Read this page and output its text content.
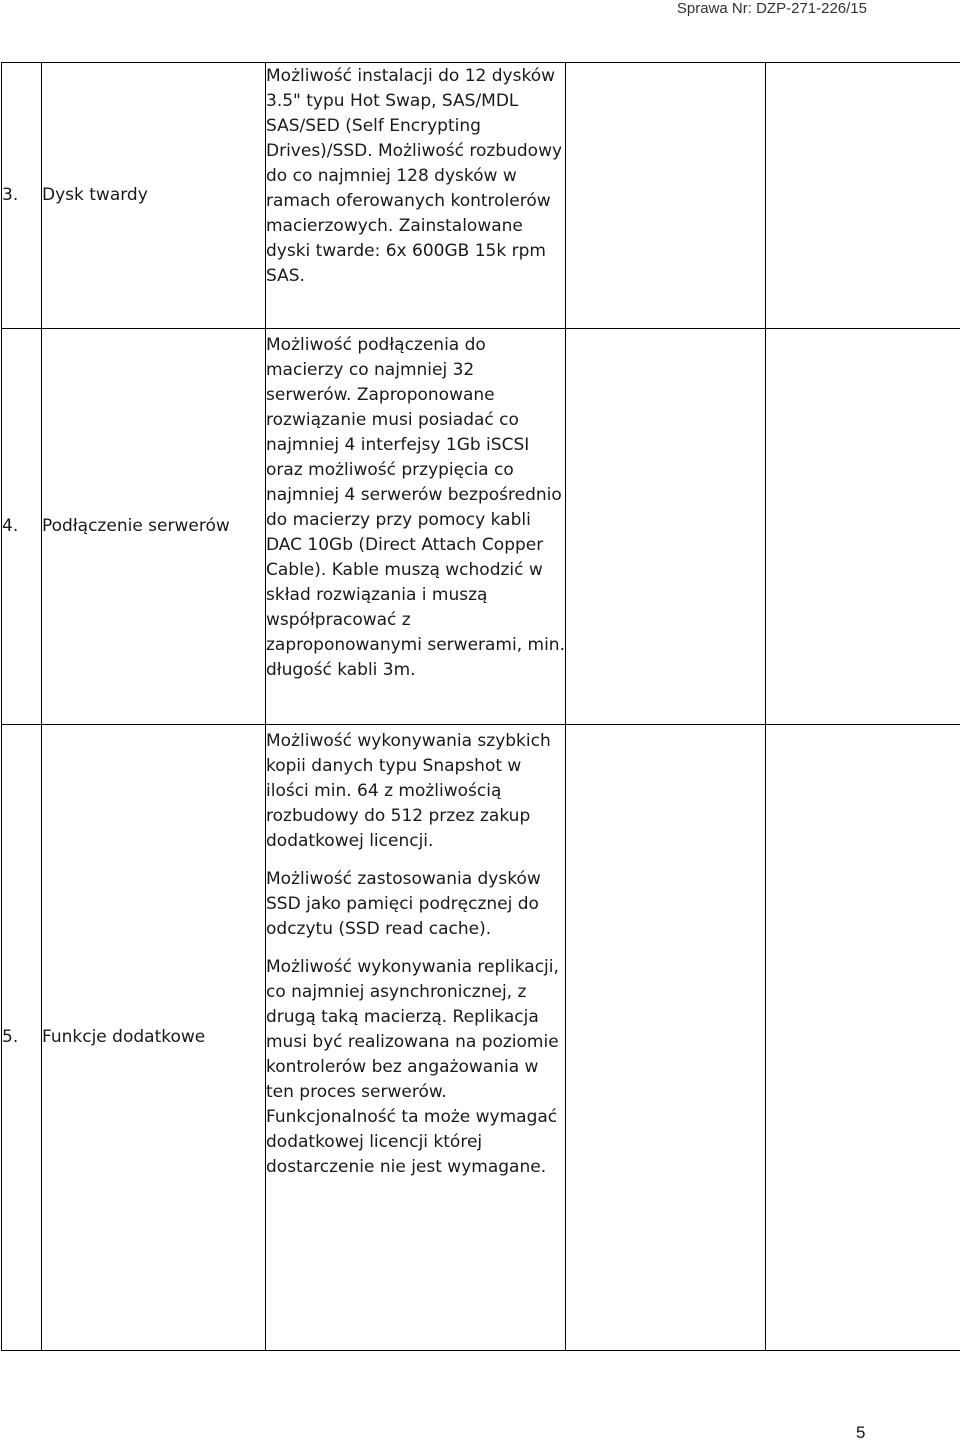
Sprawa Nr: DZP-271-226/15
3.	Dysk twardy	Możliwość instalacji do 12 dysków 3.5" typu Hot Swap, SAS/MDL SAS/SED (Self Encrypting Drives)/SSD. Możliwość rozbudowy do co najmniej 128 dysków w ramach oferowanych kontrolerów macierzowych. Zainstalowane dyski twarde: 6x 600GB 15k rpm SAS.		

4.	Podłączenie serwerów	Możliwość podłączenia do macierzy co najmniej 32 serwerów. Zaproponowane rozwiązanie musi posiadać co najmniej 4 interfejsy 1Gb iSCSI oraz możliwość przypięcia co najmniej 4 serwerów bezpośrednio do macierzy przy pomocy kabli DAC 10Gb (Direct Attach Copper Cable). Kable muszą wchodzić w skład rozwiązania i muszą współpracować z zaproponowanymi serwerami, min. długość kabli 3m.		

5.	Funkcje dodatkowe	Możliwość wykonywania szybkich kopii danych typu Snapshot w ilości min. 64 z możliwością rozbudowy do 512 przez zakup dodatkowej licencji.
Możliwość zastosowania dysków SSD jako pamięci podręcznej do odczytu (SSD read cache).
Możliwość wykonywania replikacji, co najmniej asynchronicznej, z drugą taką macierzą. Replikacja musi być realizowana na poziomie kontrolerów bez angażowania w ten proces serwerów. Funkcjonalność ta może wymagać dodatkowej licencji której dostarczenie nie jest wymagane.		

5
